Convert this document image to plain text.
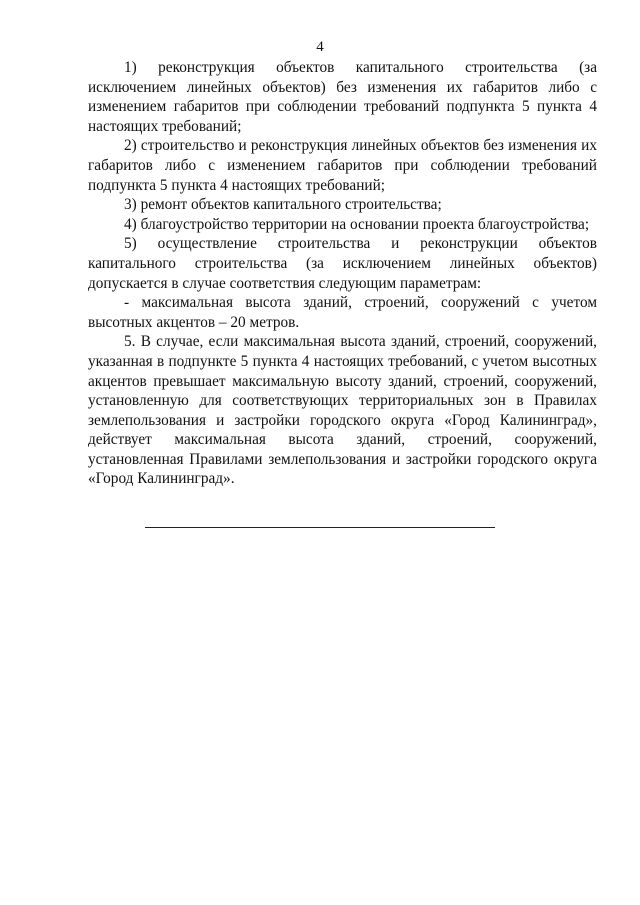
4

1) реконструкция объектов капитального строительства (за исключением линейных объектов) без изменения их габаритов либо с изменением габаритов при соблюдении требований подпункта 5 пункта 4 настоящих требований;

2) строительство и реконструкция линейных объектов без изменения их габаритов либо с изменением габаритов при соблюдении требований подпункта 5 пункта 4 настоящих требований;

3) ремонт объектов капитального строительства;

4) благоустройство территории на основании проекта благоустройства;

5) осуществление строительства и реконструкции объектов капитального строительства (за исключением линейных объектов) допускается в случае соответствия следующим параметрам:

- максимальная высота зданий, строений, сооружений с учетом высотных акцентов – 20 метров.

5. В случае, если максимальная высота зданий, строений, сооружений, указанная в подпункте 5 пункта 4 настоящих требований, с учетом высотных акцентов превышает максимальную высоту зданий, строений, сооружений, установленную для соответствующих территориальных зон в Правилах землепользования и застройки городского округа «Город Калининград», действует максимальная высота зданий, строений, сооружений, установленная Правилами землепользования и застройки городского округа «Город Калининград».
